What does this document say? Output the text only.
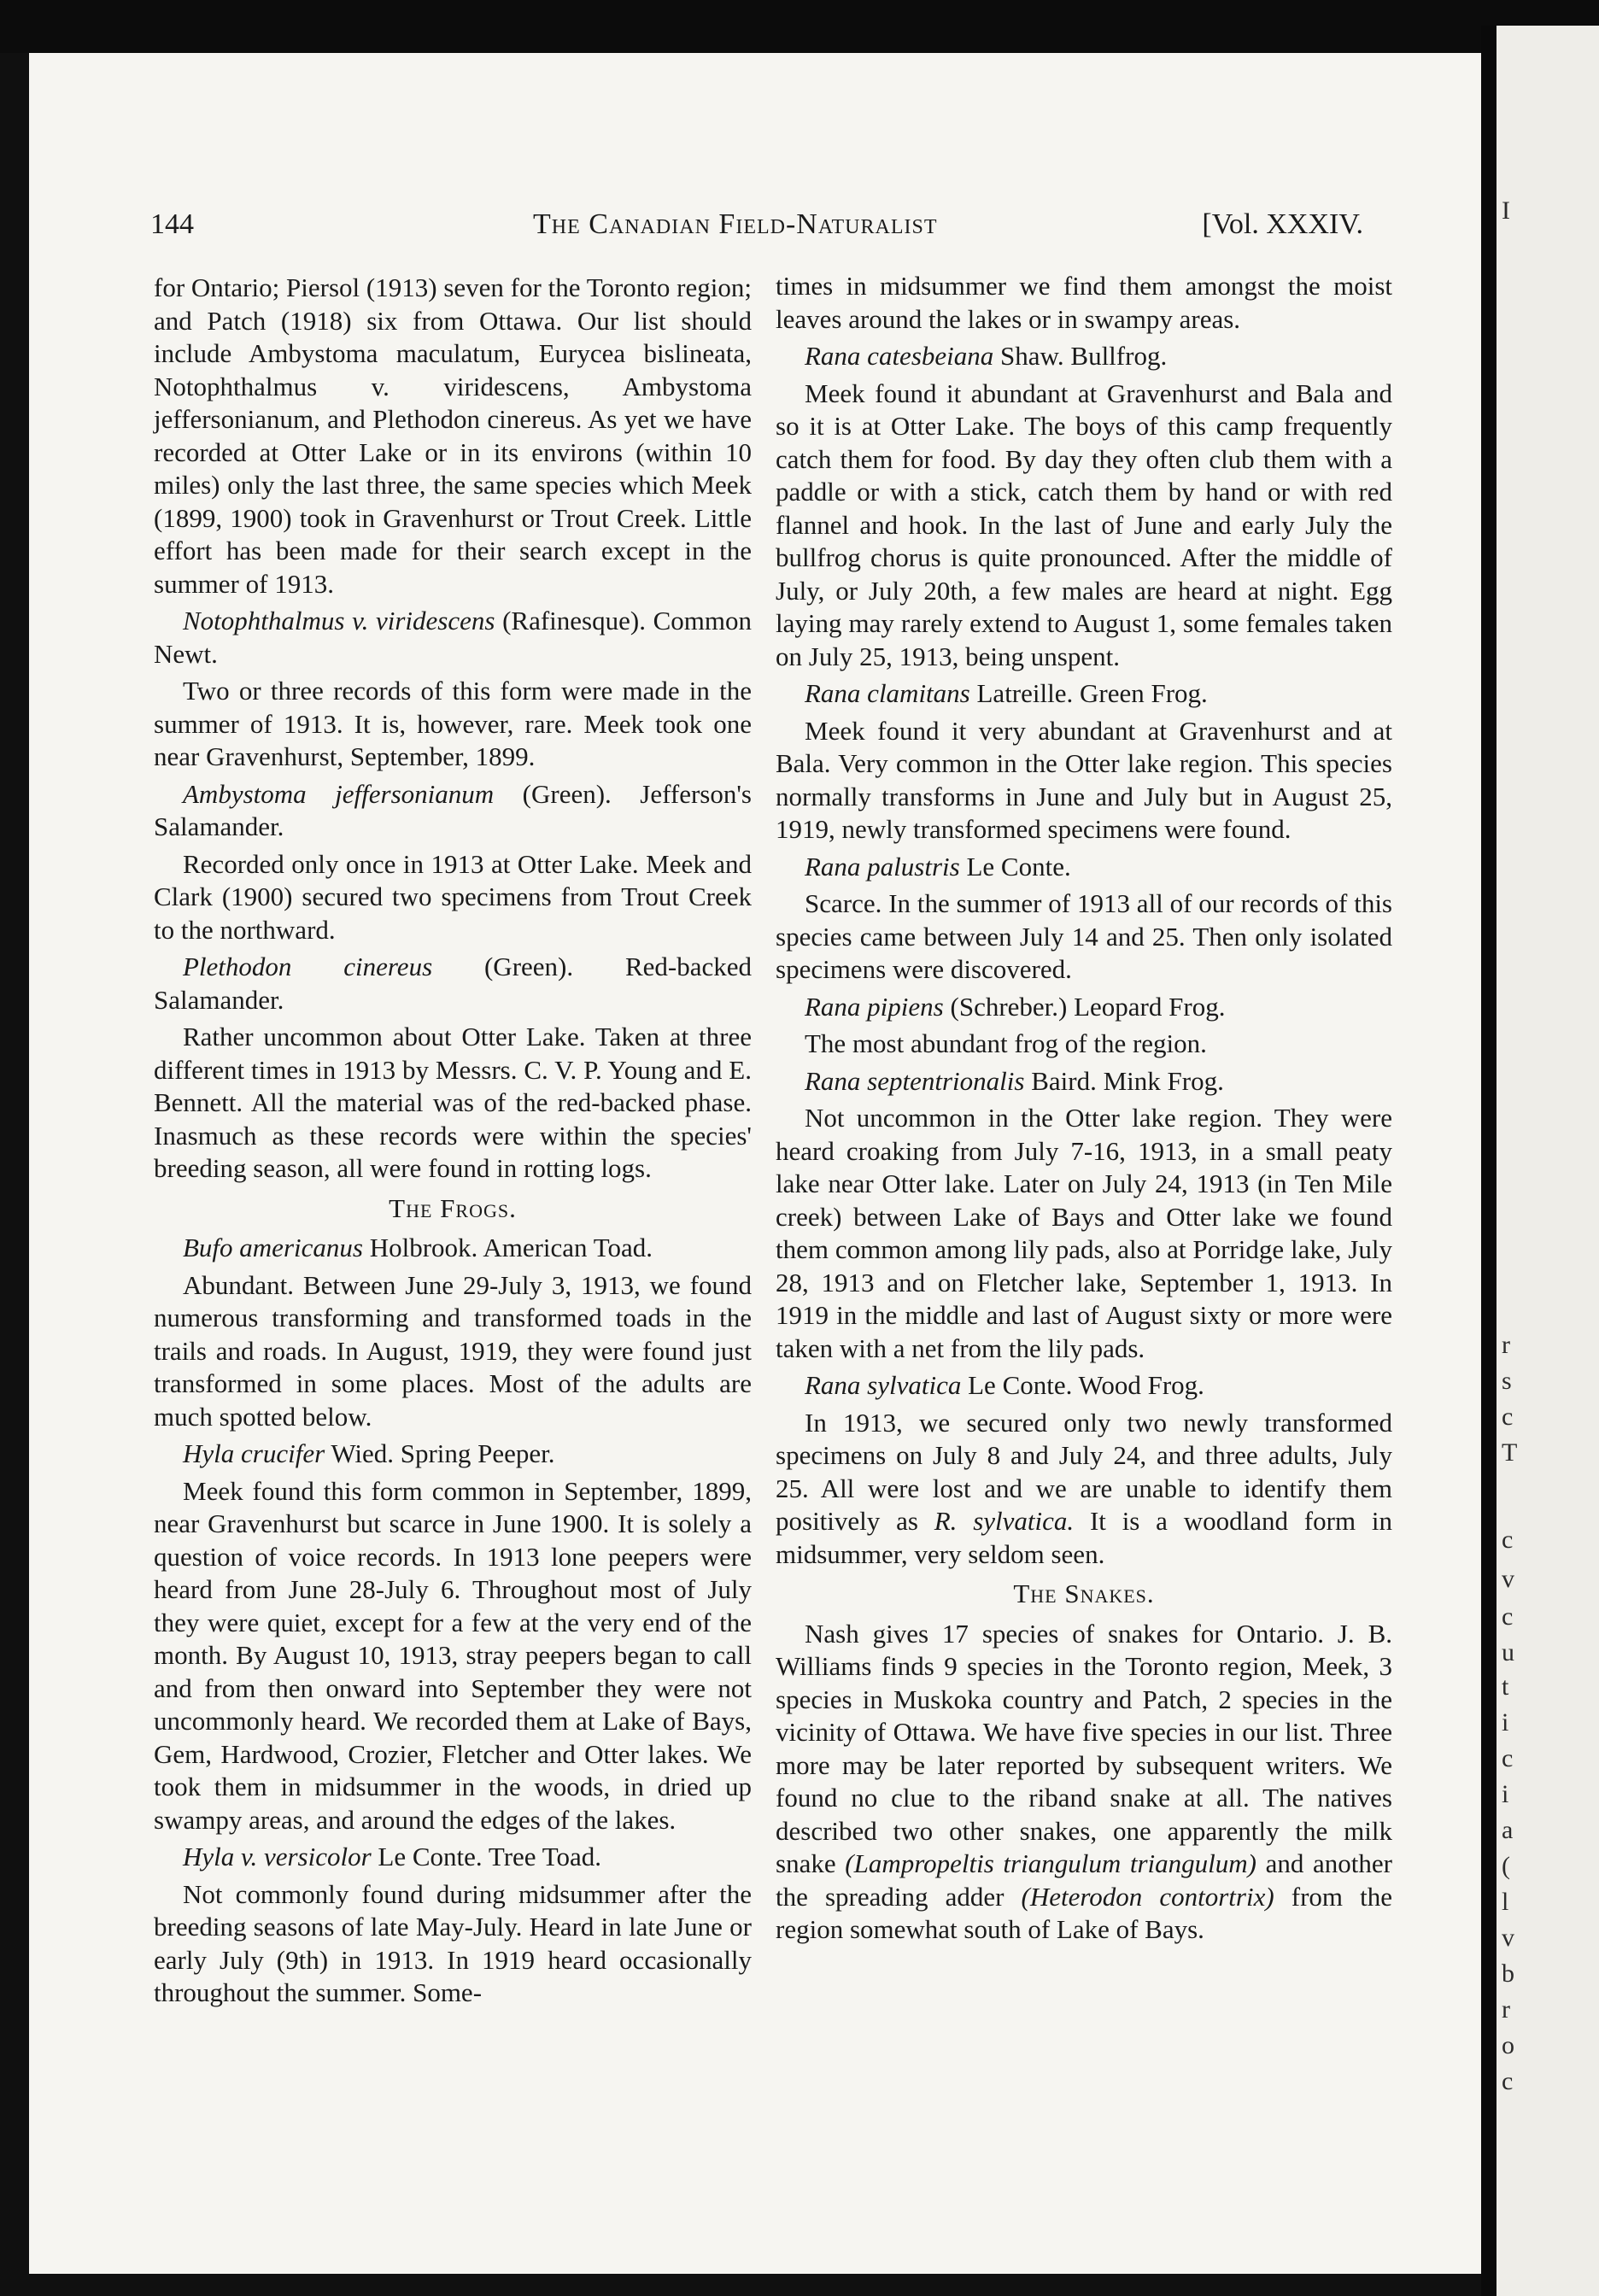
I
r
s
c
T
c
v
c
u
t
i
c
i
a
(
l
v
b
r
o
c
144	The Canadian Field-Naturalist	[Vol. XXXIV.

for Ontario; Piersol (1913) seven for the Toronto region; and Patch (1918) six from Ottawa. Our list should include Ambystoma maculatum, Eurycea bislineata, Notophthalmus v. viridescens, Ambystoma jeffersonianum, and Plethodon cinereus. As yet we have recorded at Otter Lake or in its environs (within 10 miles) only the last three, the same species which Meek (1899, 1900) took in Gravenhurst or Trout Creek. Little effort has been made for their search except in the summer of 1913.

Notophthalmus v. viridescens (Rafinesque). Common Newt.

Two or three records of this form were made in the summer of 1913. It is, however, rare. Meek took one near Gravenhurst, September, 1899.

Ambystoma jeffersonianum (Green). Jefferson's Salamander.

Recorded only once in 1913 at Otter Lake. Meek and Clark (1900) secured two specimens from Trout Creek to the northward.

Plethodon cinereus (Green). Red-backed Salamander.

Rather uncommon about Otter Lake. Taken at three different times in 1913 by Messrs. C. V. P. Young and E. Bennett. All the material was of the red-backed phase. Inasmuch as these records were within the species' breeding season, all were found in rotting logs.

The Frogs.

Bufo americanus Holbrook. American Toad.

Abundant. Between June 29-July 3, 1913, we found numerous transforming and transformed toads in the trails and roads. In August, 1919, they were found just transformed in some places. Most of the adults are much spotted below.

Hyla crucifer Wied. Spring Peeper.

Meek found this form common in September, 1899, near Gravenhurst but scarce in June 1900. It is solely a question of voice records. In 1913 lone peepers were heard from June 28-July 6. Throughout most of July they were quiet, except for a few at the very end of the month. By August 10, 1913, stray peepers began to call and from then onward into September they were not uncommonly heard. We recorded them at Lake of Bays, Gem, Hardwood, Crozier, Fletcher and Otter lakes. We took them in midsummer in the woods, in dried up swampy areas, and around the edges of the lakes.

Hyla v. versicolor Le Conte. Tree Toad.

Not commonly found during midsummer after the breeding seasons of late May-July. Heard in late June or early July (9th) in 1913. In 1919 heard occasionally throughout the summer. Some-

times in midsummer we find them amongst the moist leaves around the lakes or in swampy areas.

Rana catesbeiana Shaw. Bullfrog.

Meek found it abundant at Gravenhurst and Bala and so it is at Otter Lake. The boys of this camp frequently catch them for food. By day they often club them with a paddle or with a stick, catch them by hand or with red flannel and hook. In the last of June and early July the bullfrog chorus is quite pronounced. After the middle of July, or July 20th, a few males are heard at night. Egg laying may rarely extend to August 1, some females taken on July 25, 1913, being unspent.

Rana clamitans Latreille. Green Frog.

Meek found it very abundant at Gravenhurst and at Bala. Very common in the Otter lake region. This species normally transforms in June and July but in August 25, 1919, newly transformed specimens were found.

Rana palustris Le Conte.

Scarce. In the summer of 1913 all of our records of this species came between July 14 and 25. Then only isolated specimens were discovered.

Rana pipiens (Schreber.) Leopard Frog.

The most abundant frog of the region.

Rana septentrionalis Baird. Mink Frog.

Not uncommon in the Otter lake region. They were heard croaking from July 7-16, 1913, in a small peaty lake near Otter lake. Later on July 24, 1913 (in Ten Mile creek) between Lake of Bays and Otter lake we found them common among lily pads, also at Porridge lake, July 28, 1913 and on Fletcher lake, September 1, 1913. In 1919 in the middle and last of August sixty or more were taken with a net from the lily pads.

Rana sylvatica Le Conte. Wood Frog.

In 1913, we secured only two newly transformed specimens on July 8 and July 24, and three adults, July 25. All were lost and we are unable to identify them positively as R. sylvatica. It is a woodland form in midsummer, very seldom seen.

The Snakes.

Nash gives 17 species of snakes for Ontario. J. B. Williams finds 9 species in the Toronto region, Meek, 3 species in Muskoka country and Patch, 2 species in the vicinity of Ottawa. We have five species in our list. Three more may be later reported by subsequent writers. We found no clue to the riband snake at all. The natives described two other snakes, one apparently the milk snake (Lampropeltis triangulum triangulum) and another the spreading adder (Heterodon contortrix) from the region somewhat south of Lake of Bays.
